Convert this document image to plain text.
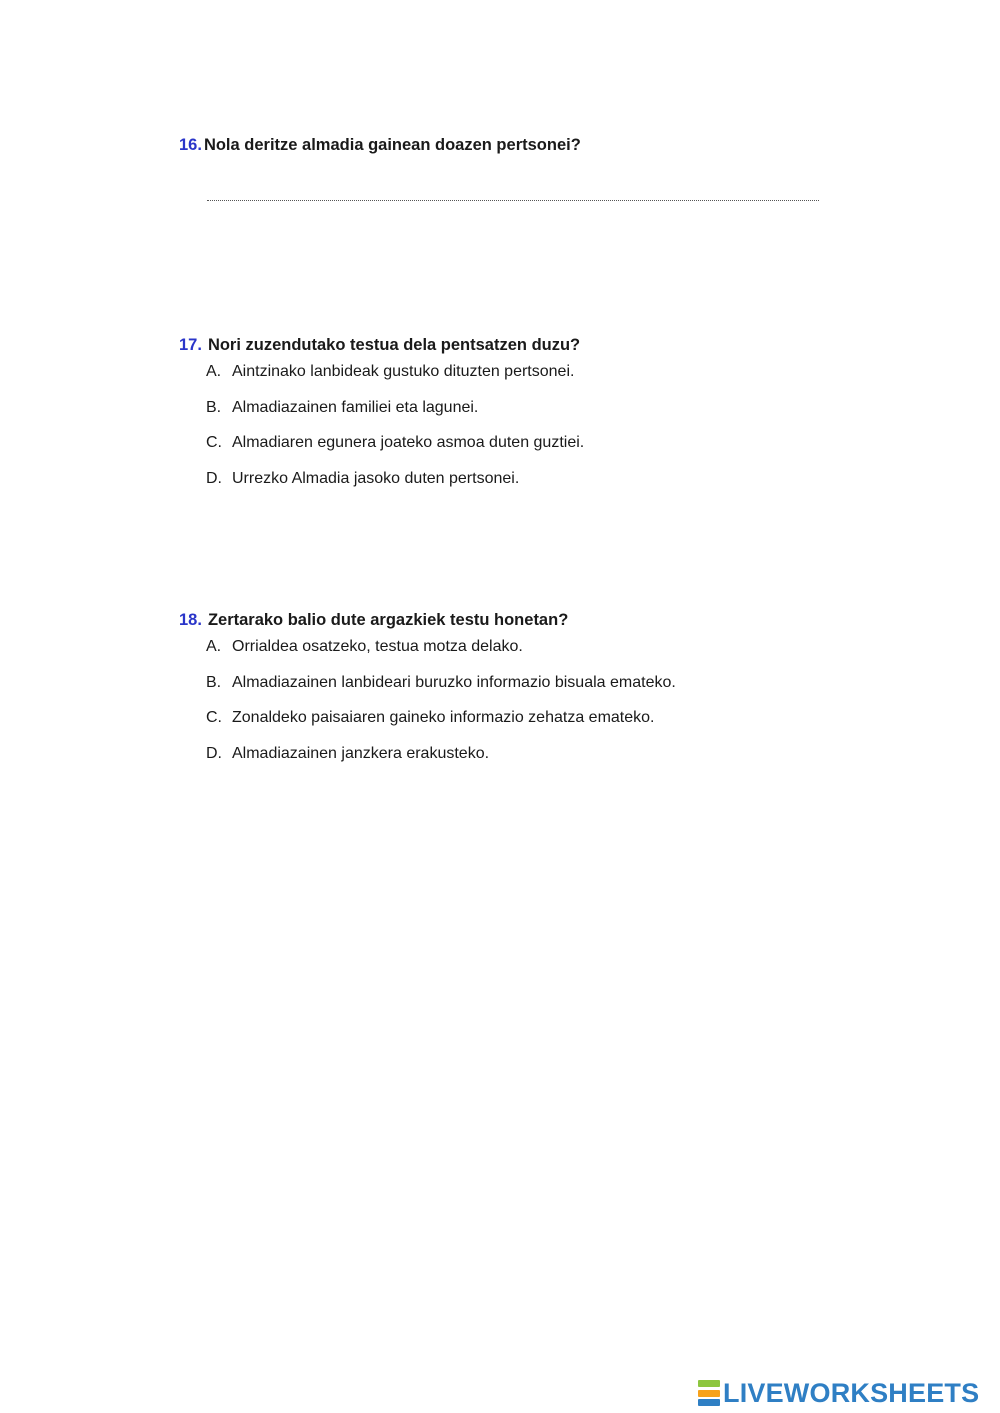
16. Nola deritze almadia gainean doazen pertsonei?
17. Nori zuzendutako testua dela pentsatzen duzu?
A. Aintzinako lanbideak gustuko dituzten pertsonei.
B. Almadiazainen familiei eta lagunei.
C. Almadiaren egunera joateko asmoa duten guztiei.
D. Urrezko Almadia jasoko duten pertsonei.
18. Zertarako balio dute argazkiek testu honetan?
A. Orrialdea osatzeko, testua motza delako.
B. Almadiazainen lanbideari buruzko informazio bisuala emateko.
C. Zonaldeko paisaiaren gaineko informazio zehatza emateko.
D. Almadiazainen janzkera erakusteko.
LIVEWORKSHEETS
